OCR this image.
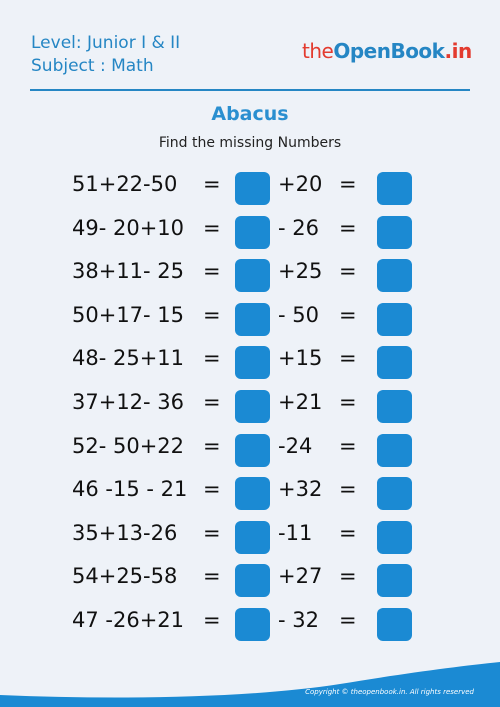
Level: Junior I & II
Subject : Math
theOpenBook.in
Abacus
Find the missing Numbers
51+22-50	=	+20 =
49- 20+10 =	- 26 =
38+11- 25 =	+25 =
50+17- 15 =	- 50 =
48- 25+11 =	+15 =
37+12- 36 =	+21 =
52- 50+22 =	-24	=
46 -15 - 21 =	+32 =
35+13-26	=	-11	=
54+25-58	=	+27 =
47 -26+21 =	- 32 =
Copyright © theopenbook.in. All rights reserved
